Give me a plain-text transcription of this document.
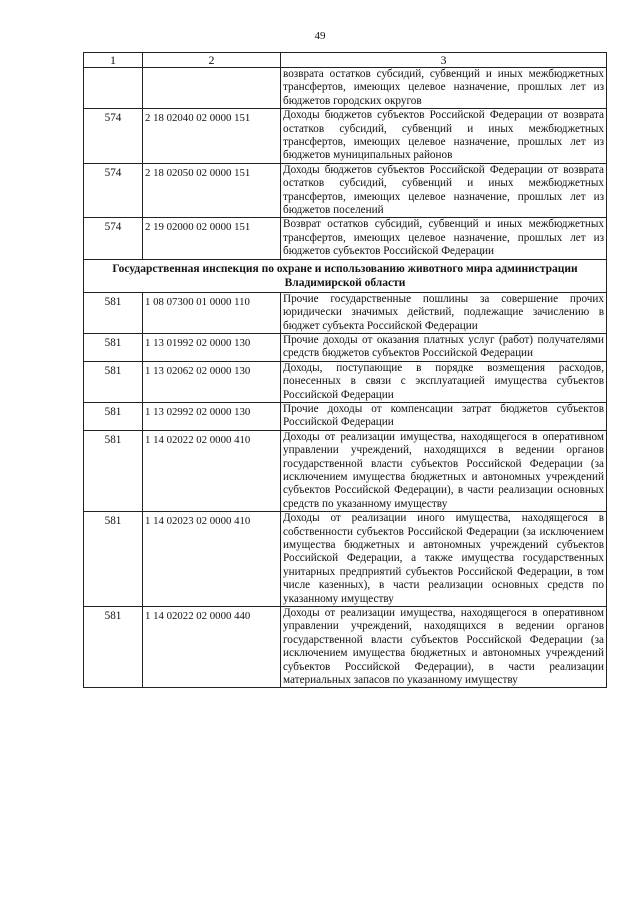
49
1	2	3
		возврата остатков субсидий, субвенций и иных межбюджетных трансфертов, имеющих целевое назначение, прошлых лет из бюджетов городских округов
574	2 18 02040 02 0000 151	Доходы бюджетов субъектов Российской Федерации от возврата остатков субсидий, субвенций и иных межбюджетных трансфертов, имеющих целевое назначение, прошлых лет из бюджетов муниципальных районов
574	2 18 02050 02 0000 151	Доходы бюджетов субъектов Российской Федерации от возврата остатков субсидий, субвенций и иных межбюджетных трансфертов, имеющих целевое назначение, прошлых лет из бюджетов поселений
574	2 19 02000 02 0000 151	Возврат остатков субсидий, субвенций и иных межбюджетных трансфертов, имеющих целевое назначение, прошлых лет из бюджетов субъектов Российской Федерации
Государственная инспекция по охране и использованию животного мира администрации Владимирской области		
581	1 08 07300 01 0000 110	Прочие государственные пошлины за совершение прочих юридически значимых действий, подлежащие зачислению в бюджет субъекта Российской Федерации
581	1 13 01992 02 0000 130	Прочие доходы от оказания платных услуг (работ) получателями средств бюджетов субъектов Российской Федерации
581	1 13 02062 02 0000 130	Доходы, поступающие в порядке возмещения расходов, понесенных в связи с эксплуатацией имущества субъектов Российской Федерации
581	1 13 02992 02 0000 130	Прочие доходы от компенсации затрат бюджетов субъектов Российской Федерации
581	1 14 02022 02 0000 410	Доходы от реализации имущества, находящегося в оперативном управлении учреждений, находящихся в ведении органов государственной власти субъектов Российской Федерации (за исключением имущества бюджетных и автономных учреждений субъектов Российской Федерации), в части реализации основных средств по указанному имуществу
581	1 14 02023 02 0000 410	Доходы от реализации иного имущества, находящегося в собственности субъектов Российской Федерации (за исключением имущества бюджетных и автономных учреждений субъектов Российской Федерации, а также имущества государственных унитарных предприятий субъектов Российской Федерации, в том числе казенных), в части реализации основных средств по указанному имуществу
581	1 14 02022 02 0000 440	Доходы от реализации имущества, находящегося в оперативном управлении учреждений, находящихся в ведении органов государственной власти субъектов Российской Федерации (за исключением имущества бюджетных и автономных учреждений субъектов Российской Федерации), в части реализации материальных запасов по указанному имуществу
